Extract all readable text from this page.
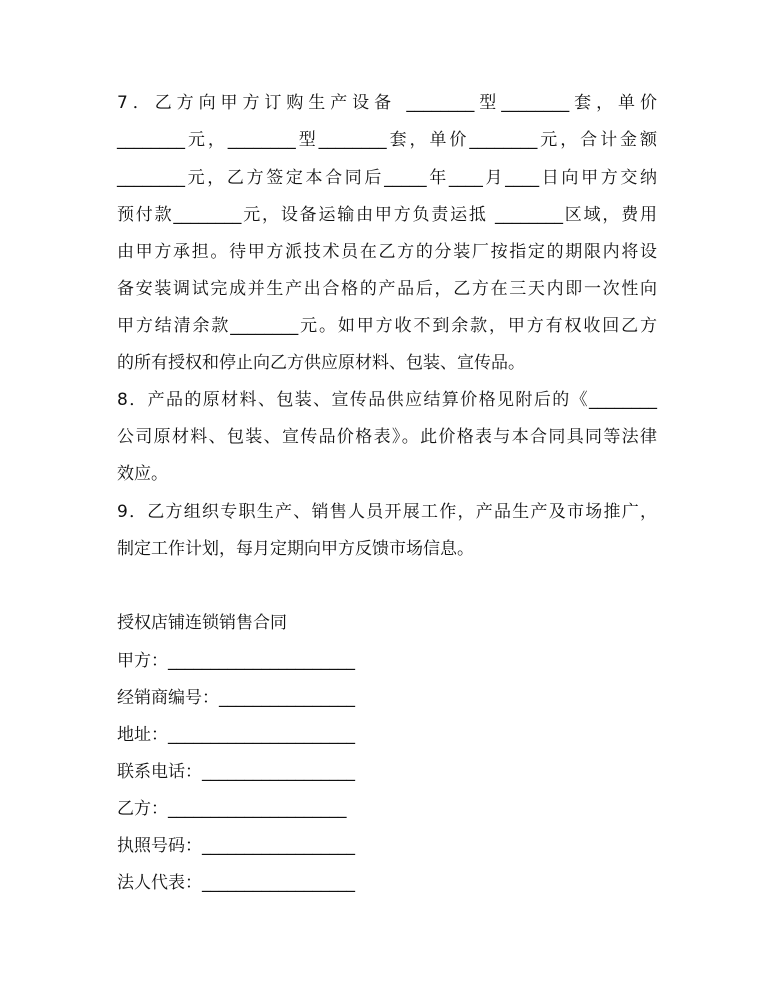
7．乙方向甲方订购生产设备 ________型________套，单价
________元，________型________套，单价________元，合计金额
________元，乙方签定本合同后_____年____月____日向甲方交纳
预付款________元，设备运输由甲方负责运抵 ________区域，费用
由甲方承担。待甲方派技术员在乙方的分装厂按指定的期限内将设
备安装调试完成并生产出合格的产品后，乙方在三天内即一次性向
甲方结清余款________元。如甲方收不到余款，甲方有权收回乙方
的所有授权和停止向乙方供应原材料、包装、宣传品。
8．产品的原材料、包装、宣传品供应结算价格见附后的《________
公司原材料、包装、宣传品价格表》。此价格表与本合同具同等法律
效应。
9．乙方组织专职生产、销售人员开展工作，产品生产及市场推广，
制定工作计划，每月定期向甲方反馈市场信息。
授权店铺连锁销售合同
甲方：______________________
经销商编号：________________
地址：______________________
联系电话：__________________
乙方：_____________________
执照号码：__________________
法人代表：__________________
